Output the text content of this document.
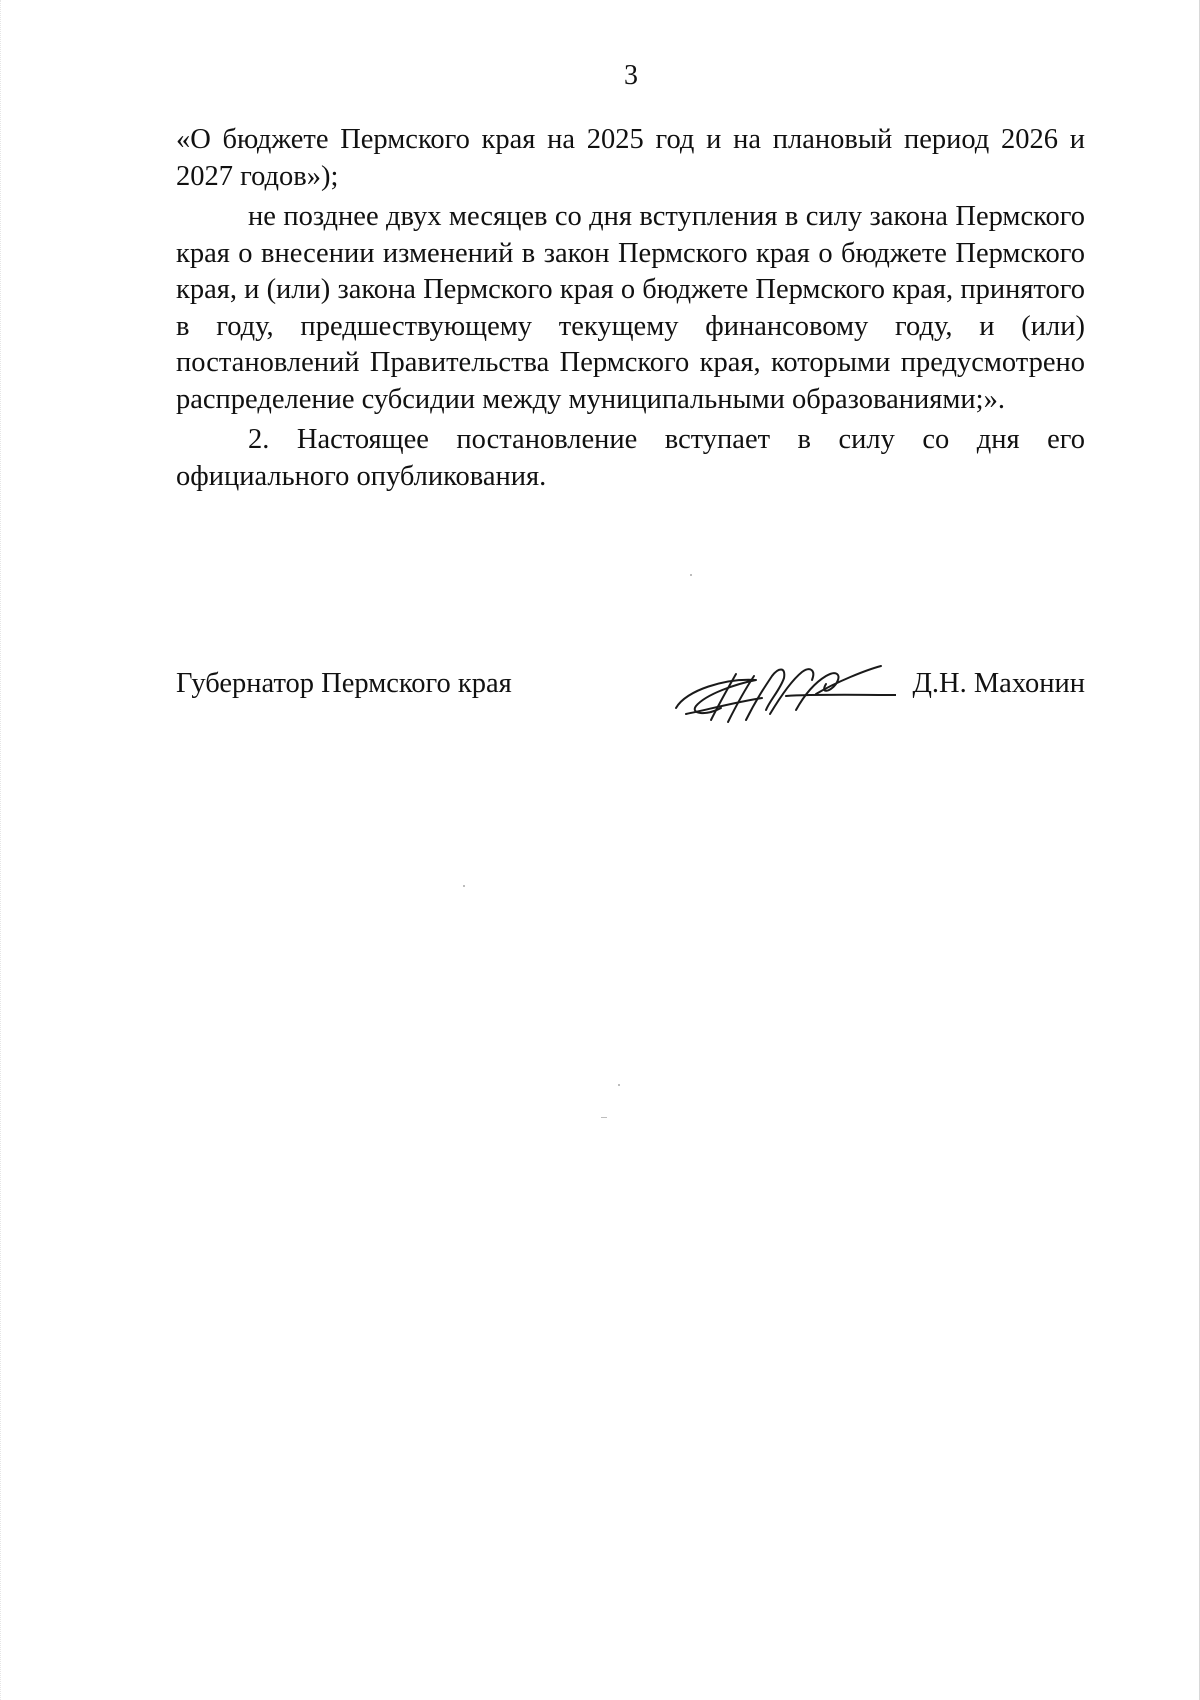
3

«О бюджете Пермского края на 2025 год и на плановый период 2026 и 2027 годов»);

не позднее двух месяцев со дня вступления в силу закона Пермского края о внесении изменений в закон Пермского края о бюджете Пермского края, и (или) закона Пермского края о бюджете Пермского края, принятого в году, предшествующему текущему финансовому году, и (или) постановлений Правительства Пермского края, которыми предусмотрено распределение субсидии между муниципальными образованиями;».

2. Настоящее постановление вступает в силу со дня его официального опубликования.

Губернатор Пермского края	Д.Н. Махонин
